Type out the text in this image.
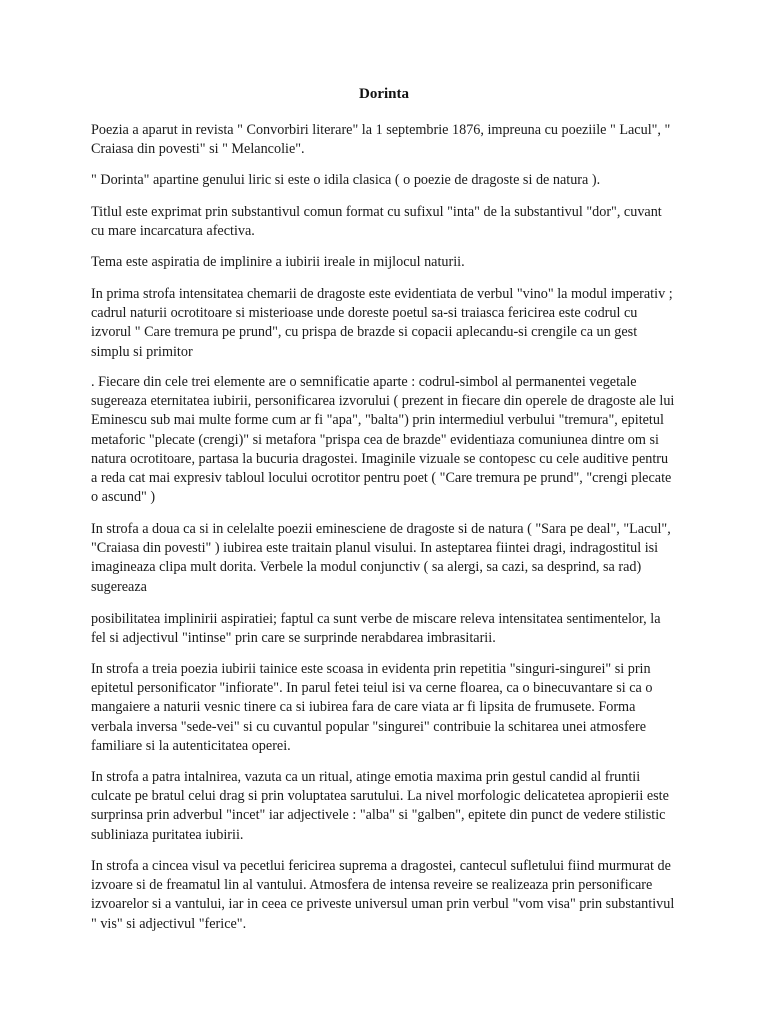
Dorinta

Poezia a aparut in revista " Convorbiri literare" la 1 septembrie 1876, impreuna cu poeziile " Lacul", " Craiasa din povesti" si " Melancolie".

" Dorinta" apartine genului liric si este o idila clasica ( o poezie de dragoste si de natura ).

Titlul este exprimat prin substantivul comun format cu sufixul "inta" de la substantivul "dor", cuvant cu mare incarcatura afectiva.

Tema este aspiratia de implinire a iubirii ireale in mijlocul naturii.

In prima strofa intensitatea chemarii de dragoste este evidentiata de verbul "vino" la modul imperativ ; cadrul naturii ocrotitoare si misterioase unde doreste poetul sa-si traiasca fericirea este codrul cu izvorul " Care tremura pe prund", cu prispa de brazde si copacii aplecandu-si crengile ca un gest simplu si primitor

. Fiecare din cele trei elemente are o semnificatie aparte : codrul-simbol al permanentei vegetale sugereaza eternitatea iubirii, personificarea izvorului ( prezent in fiecare din operele de dragoste ale lui Eminescu sub mai multe forme cum ar fi "apa", "balta") prin intermediul verbului "tremura", epitetul metaforic "plecate (crengi)" si metafora "prispa cea de brazde" evidentiaza comuniunea dintre om si natura ocrotitoare, partasa la bucuria dragostei. Imaginile vizuale se contopesc cu cele auditive pentru a reda cat mai expresiv tabloul locului ocrotitor pentru poet ( "Care tremura pe prund", "crengi plecate o ascund" )

In strofa a doua ca si in celelalte poezii eminesciene de dragoste si de natura ( "Sara pe deal", "Lacul", "Craiasa din povesti" ) iubirea este traitain planul visului. In asteptarea fiintei dragi, indragostitul isi imagineaza clipa mult dorita. Verbele la modul conjunctiv ( sa alergi, sa cazi, sa desprind, sa rad) sugereaza

posibilitatea implinirii aspiratiei; faptul ca sunt verbe de miscare releva intensitatea sentimentelor, la fel si adjectivul "intinse" prin care se surprinde nerabdarea imbrasitarii.

In strofa a treia poezia iubirii tainice este scoasa in evidenta prin repetitia "singuri-singurei" si prin epitetul personificator "infiorate". In parul fetei teiul isi va cerne floarea, ca o binecuvantare si ca o mangaiere a naturii vesnic tinere ca si iubirea fara de care viata ar fi lipsita de frumusete. Forma verbala inversa "sede-vei" si cu cuvantul popular "singurei" contribuie la schitarea unei atmosfere familiare si la autenticitatea operei.

In strofa a patra intalnirea, vazuta ca un ritual, atinge emotia maxima prin gestul candid al fruntii culcate pe bratul celui drag si prin voluptatea sarutului. La nivel morfologic delicatetea apropierii este surprinsa prin adverbul "incet" iar adjectivele : "alba" si "galben", epitete din punct de vedere stilistic subliniaza puritatea iubirii.

In strofa a cincea visul va pecetlui fericirea suprema a dragostei, cantecul sufletului fiind murmurat de izvoare si de freamatul lin al vantului. Atmosfera de intensa reveire se realizeaza prin personificare izvoarelor si a vantului, iar in ceea ce priveste universul uman prin verbul "vom visa" prin substantivul " vis" si adjectivul "ferice".
